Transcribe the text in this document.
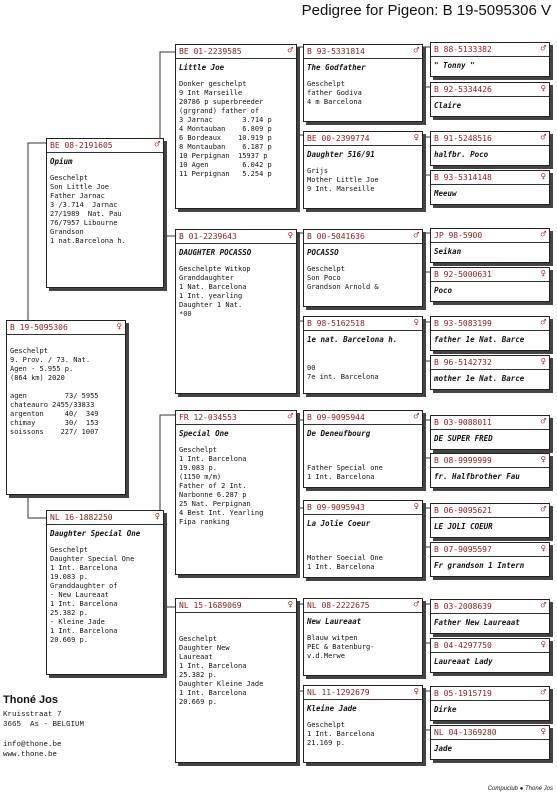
Pedigree for Pigeon: B 19-5095306 V
B 19-5095306	♀
Geschelpt
9. Prov. / 73. Nat.
Agen - 5.955 p.
(864 km) 2020

agen         73/ 5955
chateauro 2455/33833
argenton     40/  349
chimay       30/  153
soissons    227/ 1007
BE 08-2191605	♂
Opium
Geschelpt
Son Little Joe
Father Jarnac
3 /3.714  Jarnac
27/1989  Nat. Pau
76/7957 Libourne
Grandson
1 nat.Barcelona h.
NL 16-1882250	♀
Daughter Special One
Geschelpt
Daughter Special One
1 Int. Barcelona
19.083 p.
Granddaughter of
- New Laureaat
1 Int. Barcelona
25.382 p.
- Kleine Jade
1 Int. Barcelona
20.669 p.
BE 01-2239585	♂
Little Joe
Donker geschelpt
9 Int Marseille
20786 p superbreeder
(grgrand) father of
3 Jarnac       3.714 p
4 Montauban    6.809 p
6 Bordeaux    10.919 p
8 Montauban    6.187 p
10 Perpignan  15937 p
10 Agen        6.042 p
11 Perpignan   5.254 p
B 01-2239643	♀
DAUGHTER POCASSO
Geschelpte Witkop
Granddaughter
1 Nat. Barcelona
1 Int. yearling
Daughter 1 Nat.
*00
FR 12-034553	♂
Special One
Geschelpt
1 Int. Barcelona
19.083 p.
(1150 m/m)
Father of 2 Int.
Narbonne 6.287 p
25 Nat. Perpignan
4 Best Int. Yearling
Fipa ranking
NL 15-1689069	♀
Geschelpt
Daughter New
Laureaat
1 Int. Barcelona
25.382 p.
Daughter Kleine Jade
1 Int. Barcelona
20.669 p.
B 93-5331814	♂
The Godfather
Geschelpt
father Godiva
4 m Barcelona
BE 00-2399774	♀
Daughter 516/91
Grijs
Mother Little Joe
9 Int. Marseille
B 00-5041636	♂
POCASSO
Geschelpt
Son Poco
Grandson Arnold &
B 98-5162518	♀
1e nat. Barcelona h.
00
7e int. Barcelona
B 09-9095944	♂
De Deneufbourg
Father Special one
1 Int. Barcelona
B 09-9095943	♀
La Jolie Coeur
Mother Soecial One
1 Int. Barcelona
NL 08-2222675	♂
New Laureaat
Blauw witpen
PEC & Batenburg-
v.d.Merwe
NL 11-1292679	♀
Kleine Jade
Geschelpt
1 Int. Barcelona
21.169 p.
B 88-5133382	♂
" Tonny "
B 92-5334426	♀
Claire
B 91-5248516	♂
halfbr. Poco
B 93-5314148	♀
Meeuw
JP 98-5900	♂
Seikan
B 92-5000631	♀
Poco
B 93-5083199	♂
father 1e Nat. Barce
B 96-5142732	♀
mother 1e Nat. Barce
B 03-9088011	♂
DE SUPER FRED
B 08-9999999	♀
fr. Halfbrother Fau
B 06-9095621	♂
LE JOLI COEUR
B 07-9095597	♀
Fr grandson 1 Intern
B 03-2008639	♂
Father New Laureaat
B 04-4297750	♀
Laureaat Lady
B 05-1915719	♂
Dirke
NL 04-1369280	♀
Jade
Thoné Jos
Kruisstraat 7
3665  As - BELGIUM
info@thone.be
www.thone.be
Compuclub ● Thoné Jos
